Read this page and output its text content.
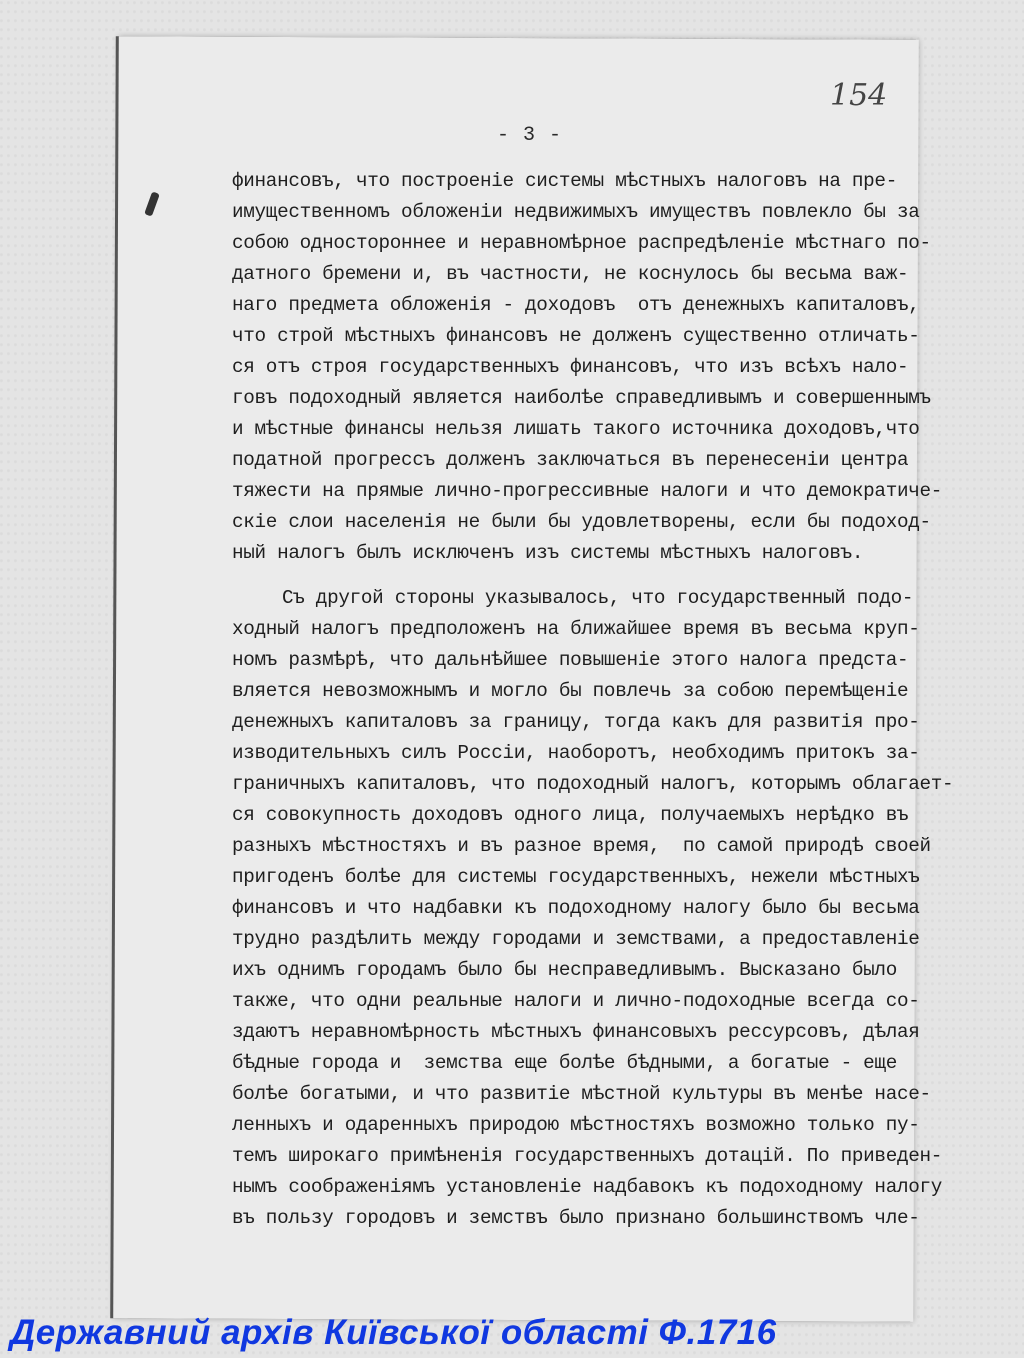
154
- 3 -
финансовъ, что построенiе системы мѣстныхъ налоговъ на пре-
имущественномъ обложенiи недвижимыхъ имуществъ повлекло бы за
собою одностороннее и неравномѣрное распредѣленiе мѣстнаго по-
датного бремени и, въ частности, не коснулось бы весьма важ-
наго предмета обложенiя - доходовъ  отъ денежныхъ капиталовъ,
что строй мѣстныхъ финансовъ не долженъ существенно отличать-
ся отъ строя государственныхъ финансовъ, что изъ всѣхъ нало-
говъ подоходный является наиболѣе справедливымъ и совершеннымъ
и мѣстные финансы нельзя лишать такого источника доходовъ,что
податной прогрессъ долженъ заключаться въ перенесенiи центра
тяжести на прямые лично-прогрессивные налоги и что демократиче-
скiе слои населенiя не были бы удовлетворены, если бы подоход-
ный налогъ былъ исключенъ изъ системы мѣстныхъ налоговъ.
Съ другой стороны указывалось, что государственный подо-
ходный налогъ предположенъ на ближайшее время въ весьма круп-
номъ размѣрѣ, что дальнѣйшее повышенiе этого налога предста-
вляется невозможнымъ и могло бы повлечь за собою перемѣщенiе
денежныхъ капиталовъ за границу, тогда какъ для развитiя про-
изводительныхъ силъ Россiи, наоборотъ, необходимъ притокъ за-
граничныхъ капиталовъ, что подоходный налогъ, которымъ облагает-
ся совокупность доходовъ одного лица, получаемыхъ нерѣдко въ
разныхъ мѣстностяхъ и въ разное время,  по самой природѣ своей
пригоденъ болѣе для системы государственныхъ, нежели мѣстныхъ
финансовъ и что надбавки къ подоходному налогу было бы весьма
трудно раздѣлить между городами и земствами, а предоставленiе
ихъ однимъ городамъ было бы несправедливымъ. Высказано было
также, что одни реальные налоги и лично-подоходные всегда со-
здаютъ неравномѣрность мѣстныхъ финансовыхъ рессурсовъ, дѣлая
бѣдные города и  земства еще болѣе бѣдными, а богатые - еще
болѣе богатыми, и что развитiе мѣстной культуры въ менѣе насе-
ленныхъ и одаренныхъ природою мѣстностяхъ возможно только пу-
темъ широкаго примѣненiя государственныхъ дотацiй. По приведен-
нымъ соображенiямъ установленiе надбавокъ къ подоходному налогу
въ пользу городовъ и земствъ было признано большинствомъ чле-
Державний архів Київської області Ф.1716
